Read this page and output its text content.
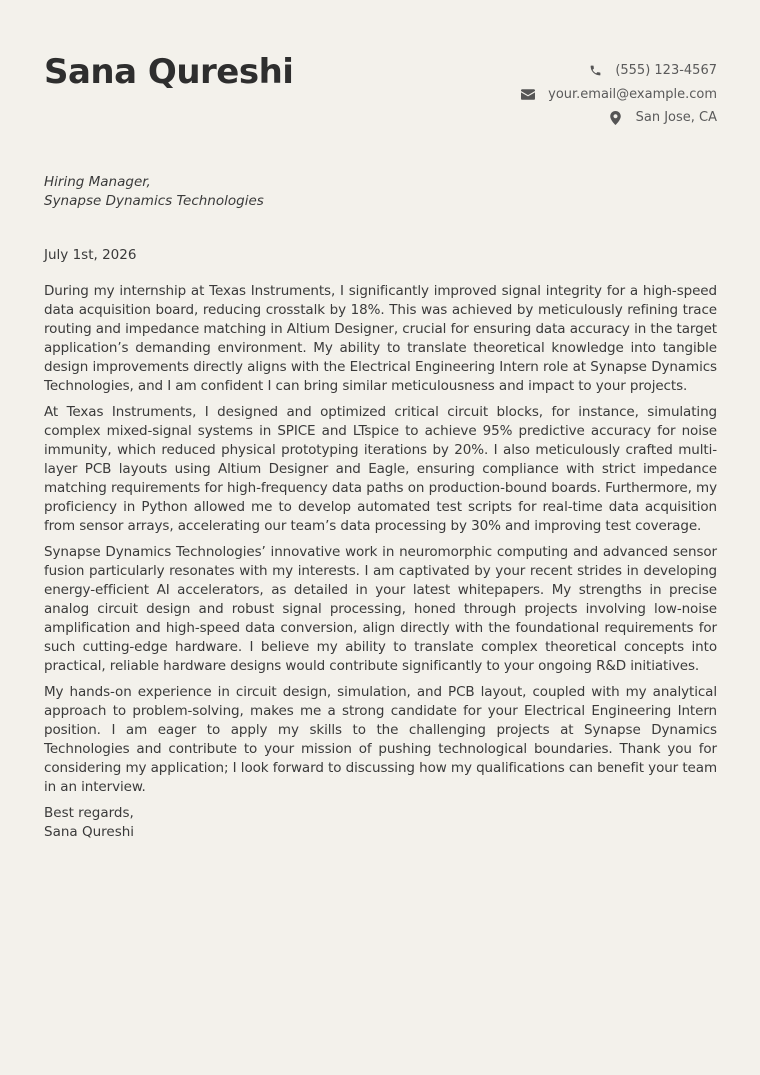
Sana Qureshi	(555) 123-4567
your.email@example.com
San Jose, CA
Hiring Manager,
Synapse Dynamics Technologies
July 1st, 2026

During my internship at Texas Instruments, I significantly improved signal integrity for a high-speed data acquisition board, reducing crosstalk by 18%. This was achieved by meticulously refining trace routing and impedance matching in Altium Designer, crucial for ensuring data accuracy in the target application’s demanding environment. My ability to translate theoretical knowledge into tangible design improvements directly aligns with the Electrical Engineering Intern role at Synapse Dynamics Technologies, and I am confident I can bring similar meticulousness and impact to your projects.

At Texas Instruments, I designed and optimized critical circuit blocks, for instance, simulating complex mixed-signal systems in SPICE and LTspice to achieve 95% predictive accuracy for noise immunity, which reduced physical prototyping iterations by 20%. I also meticulously crafted multi-layer PCB layouts using Altium Designer and Eagle, ensuring compliance with strict impedance matching requirements for high-frequency data paths on production-bound boards. Furthermore, my proficiency in Python allowed me to develop automated test scripts for real-time data acquisition from sensor arrays, accelerating our team’s data processing by 30% and improving test coverage.

Synapse Dynamics Technologies’ innovative work in neuromorphic computing and advanced sensor fusion particularly resonates with my interests. I am captivated by your recent strides in developing energy-efficient AI accelerators, as detailed in your latest whitepapers. My strengths in precise analog circuit design and robust signal processing, honed through projects involving low-noise amplification and high-speed data conversion, align directly with the foundational requirements for such cutting-edge hardware. I believe my ability to translate complex theoretical concepts into practical, reliable hardware designs would contribute significantly to your ongoing R&D initiatives.

My hands-on experience in circuit design, simulation, and PCB layout, coupled with my analytical approach to problem-solving, makes me a strong candidate for your Electrical Engineering Intern position. I am eager to apply my skills to the challenging projects at Synapse Dynamics Technologies and contribute to your mission of pushing technological boundaries. Thank you for considering my application; I look forward to discussing how my qualifications can benefit your team in an interview.

Best regards,
Sana Qureshi
